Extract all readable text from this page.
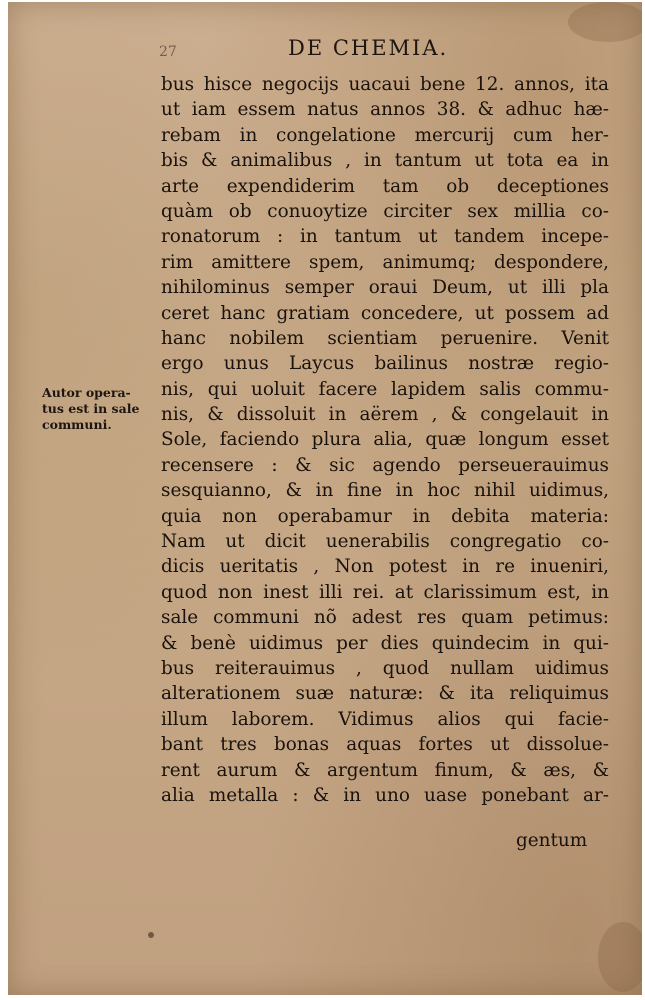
27	DE CHEMIA.
Autor opera-
tus est in sale
communi.
bus hisce negocijs uacaui bene 12. annos, ita
ut iam essem natus annos 38. & adhuc hæ-
rebam in congelatione mercurij cum her-
bis & animalibus , in tantum ut tota ea in
arte expendiderim tam ob deceptiones
quàm ob conuoytize circiter sex millia co-
ronatorum : in tantum ut tandem incepe-
rim amittere spem, animumq; despondere,
nihilominus semper oraui Deum, ut illi pla
ceret hanc gratiam concedere, ut possem ad
hanc nobilem scientiam peruenire. Venit
ergo unus Laycus bailinus nostræ regio-
nis, qui uoluit facere lapidem salis commu-
nis, & dissoluit in aërem , & congelauit in
Sole, faciendo plura alia, quæ longum esset
recensere : & sic agendo perseuerauimus
sesquianno, & in fine in hoc nihil uidimus,
quia non operabamur in debita materia:
Nam ut dicit uenerabilis congregatio co-
dicis ueritatis , Non potest in re inueniri,
quod non inest illi rei. at clarissimum est, in
sale communi nõ adest res quam petimus:
& benè uidimus per dies quindecim in qui-
bus reiterauimus , quod nullam uidimus
alterationem suæ naturæ: & ita reliquimus
illum laborem. Vidimus alios qui facie-
bant tres bonas aquas fortes ut dissolue-
rent aurum & argentum finum, & æs, &
alia metalla : & in uno uase ponebant ar-
gentum
